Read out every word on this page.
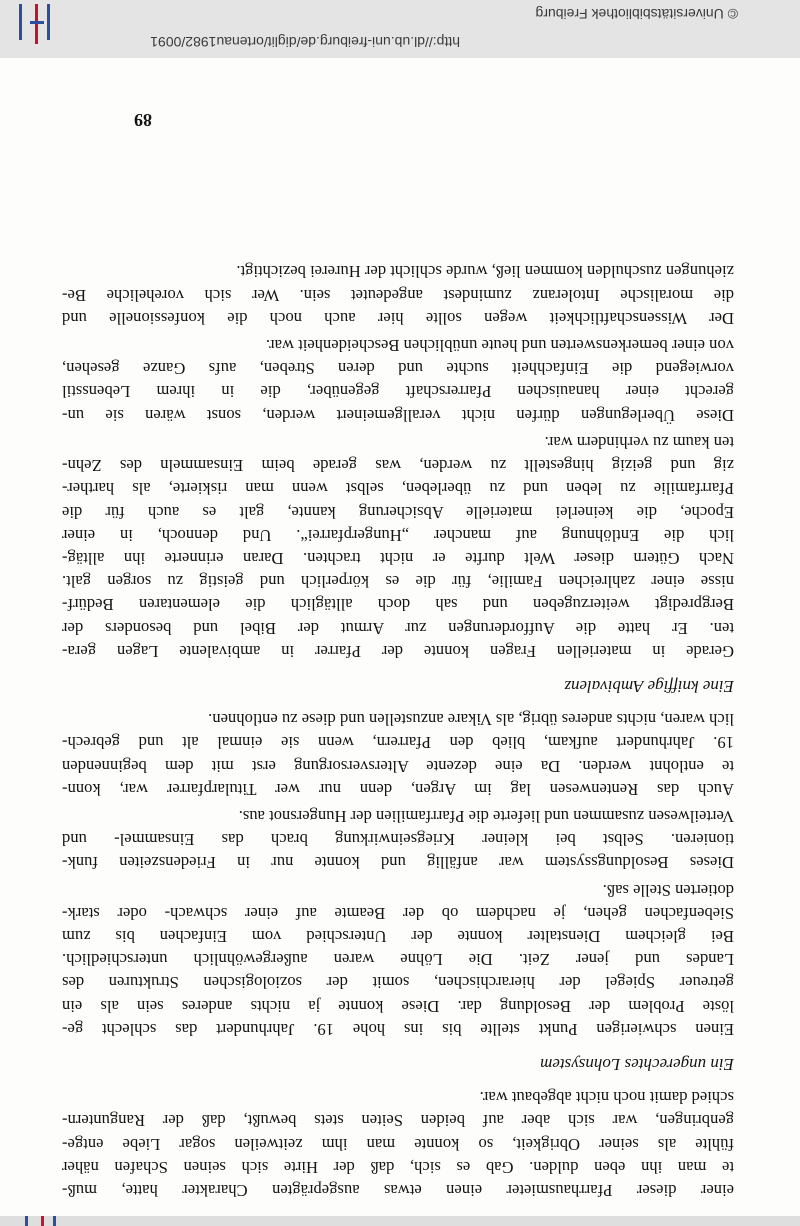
einer dieser Pfarrhausmieter einen etwas ausgeprägten Charakter hatte, muß-
te man ihn eben dulden. Gab es sich, daß der Hirte sich seinen Schafen näher
fühlte als seiner Obrigkeit, so konnte man ihm zeitweilen sogar Liebe entge-
genbringen, war sich aber auf beiden Seiten stets bewußt, daß der Ranguntern-
schied damit noch nicht abgebaut war.
Ein ungerechtes Lohnsystem
Einen schwierigen Punkt stellte bis ins hohe 19. Jahrhundert das schlecht ge-
löste Problem der Besoldung dar. Diese konnte ja nichts anderes sein als ein
getreuer Spiegel der hierarchischen, somit der soziologischen Strukturen des
Landes und jener Zeit. Die Löhne waren außergewöhnlich unterschiedlich.
Bei gleichem Dienstalter konnte der Unterschied vom Einfachen bis zum
Siebenfachen gehen, je nachdem ob der Beamte auf einer schwach- oder stark-
dotierten Stelle saß.
Dieses Besoldungssystem war anfällig und konnte nur in Friedenszeiten funk-
tionieren. Selbst bei kleiner Kriegseinwirkung brach das Einsammel- und
Verteilwesen zusammen und lieferte die Pfarrfamilien der Hungersnot aus.
Auch das Rentenwesen lag im Argen, denn nur wer Titularpfarrer war, konn-
te entlohnt werden. Da eine dezente Altersversorgung erst mit dem beginnenden
19. Jahrhundert aufkam, blieb den Pfarrern, wenn sie einmal alt und gebrech-
lich waren, nichts anderes übrig, als Vikare anzustellen und diese zu entlohnen.
Eine kniffige Ambivalenz
Gerade in materiellen Fragen konnte der Pfarrer in ambivalente Lagen gera-
ten. Er hatte die Aufforderungen zur Armut der Bibel und besonders der
Bergpredigt weiterzugeben und sah doch alltäglich die elementaren Bedürf-
nisse einer zahlreichen Familie, für die es körperlich und geistig zu sorgen galt.
Nach Gütern dieser Welt durfte er nicht trachten. Daran erinnerte ihn alltäg-
lich die Entlöhnung auf mancher „Hungerpfarrei“. Und dennoch, in einer
Epoche, die keinerlei materielle Absicherung kannte, galt es auch für die
Pfarrfamilie zu leben und zu überleben, selbst wenn man riskierte, als harther-
zig und geizig hingestellt zu werden, was gerade beim Einsammeln des Zehn-
ten kaum zu verhindern war.
Diese Überlegungen dürfen nicht verallgemeinert werden, sonst wären sie un-
gerecht einer hanauischen Pfarrerschaft gegenüber, die in ihrem Lebensstil
vorwiegend die Einfachheit suchte und deren Streben, aufs Ganze gesehen,
von einer bemerkenswerten und heute unüblichen Bescheidenheit war.
Der Wissenschaftlichkeit wegen sollte hier auch noch die konfessionelle und
die moralische Intoleranz zumindest angedeutet sein. Wer sich voreheliche Be-
ziehungen zuschulden kommen ließ, wurde schlicht der Hurerei bezichtigt.
89
http://dl.ub.uni-freiburg.de/diglit/ortenau1982/0091
© Universitätsbibliothek Freiburg
